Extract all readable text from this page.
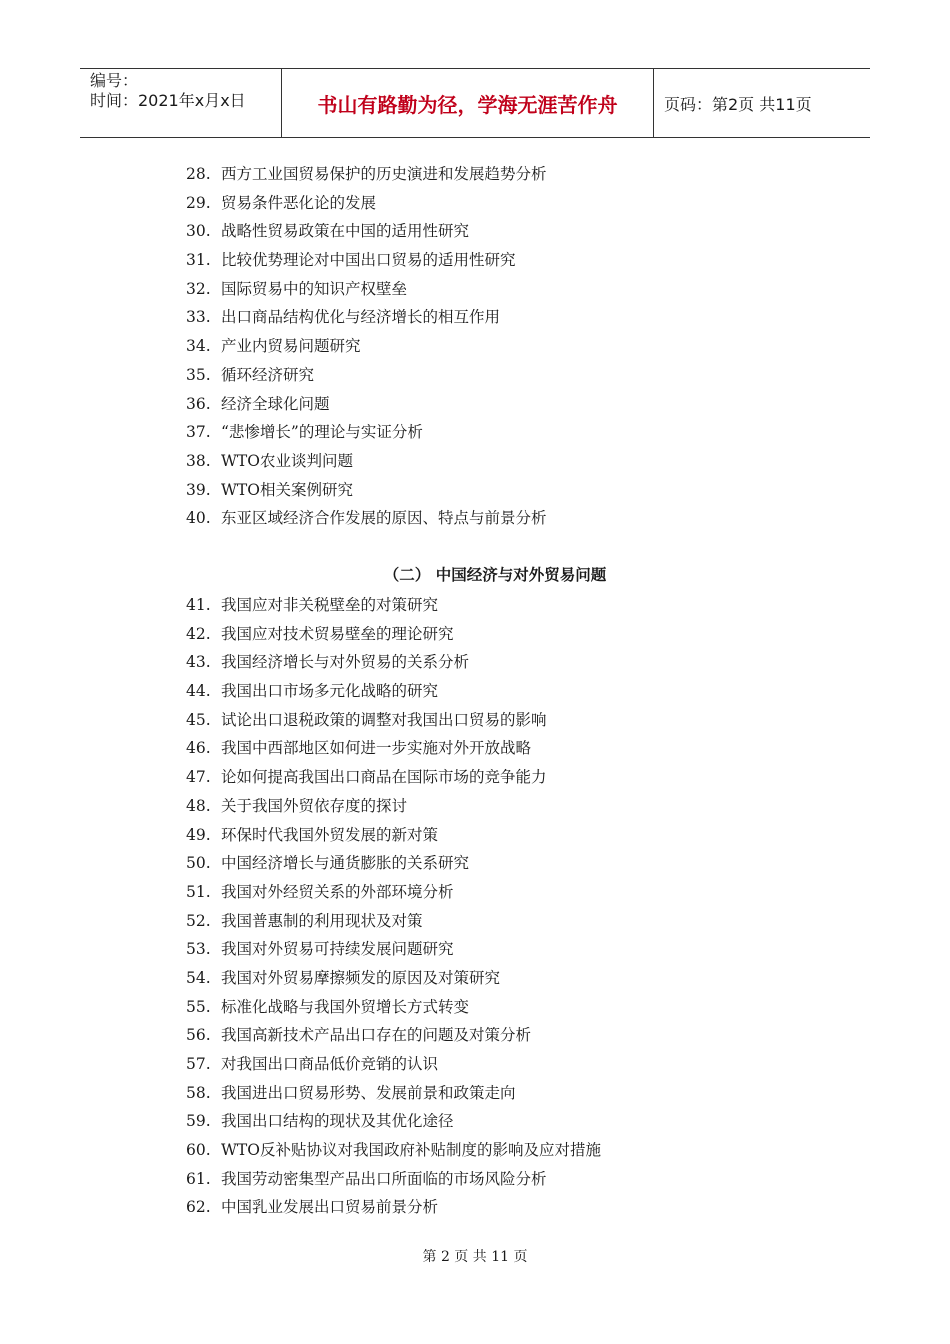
编号：
时间：2021年x月x日	书山有路勤为径，学海无涯苦作舟	页码：第2页 共11页
28. 西方工业国贸易保护的历史演进和发展趋势分析
29. 贸易条件恶化论的发展
30. 战略性贸易政策在中国的适用性研究
31. 比较优势理论对中国出口贸易的适用性研究
32. 国际贸易中的知识产权壁垒
33. 出口商品结构优化与经济增长的相互作用
34. 产业内贸易问题研究
35. 循环经济研究
36. 经济全球化问题
37. “悲惨增长”的理论与实证分析
38. WTO农业谈判问题
39. WTO相关案例研究
40. 东亚区域经济合作发展的原因、特点与前景分析
（二） 中国经济与对外贸易问题
41. 我国应对非关税壁垒的对策研究
42. 我国应对技术贸易壁垒的理论研究
43. 我国经济增长与对外贸易的关系分析
44. 我国出口市场多元化战略的研究
45. 试论出口退税政策的调整对我国出口贸易的影响
46. 我国中西部地区如何进一步实施对外开放战略
47. 论如何提高我国出口商品在国际市场的竞争能力
48. 关于我国外贸依存度的探讨
49. 环保时代我国外贸发展的新对策
50. 中国经济增长与通货膨胀的关系研究
51. 我国对外经贸关系的外部环境分析
52. 我国普惠制的利用现状及对策
53. 我国对外贸易可持续发展问题研究
54. 我国对外贸易摩擦频发的原因及对策研究
55. 标准化战略与我国外贸增长方式转变
56. 我国高新技术产品出口存在的问题及对策分析
57. 对我国出口商品低价竞销的认识
58. 我国进出口贸易形势、发展前景和政策走向
59. 我国出口结构的现状及其优化途径
60. WTO反补贴协议对我国政府补贴制度的影响及应对措施
61. 我国劳动密集型产品出口所面临的市场风险分析
62. 中国乳业发展出口贸易前景分析
第 2 页 共 11 页
